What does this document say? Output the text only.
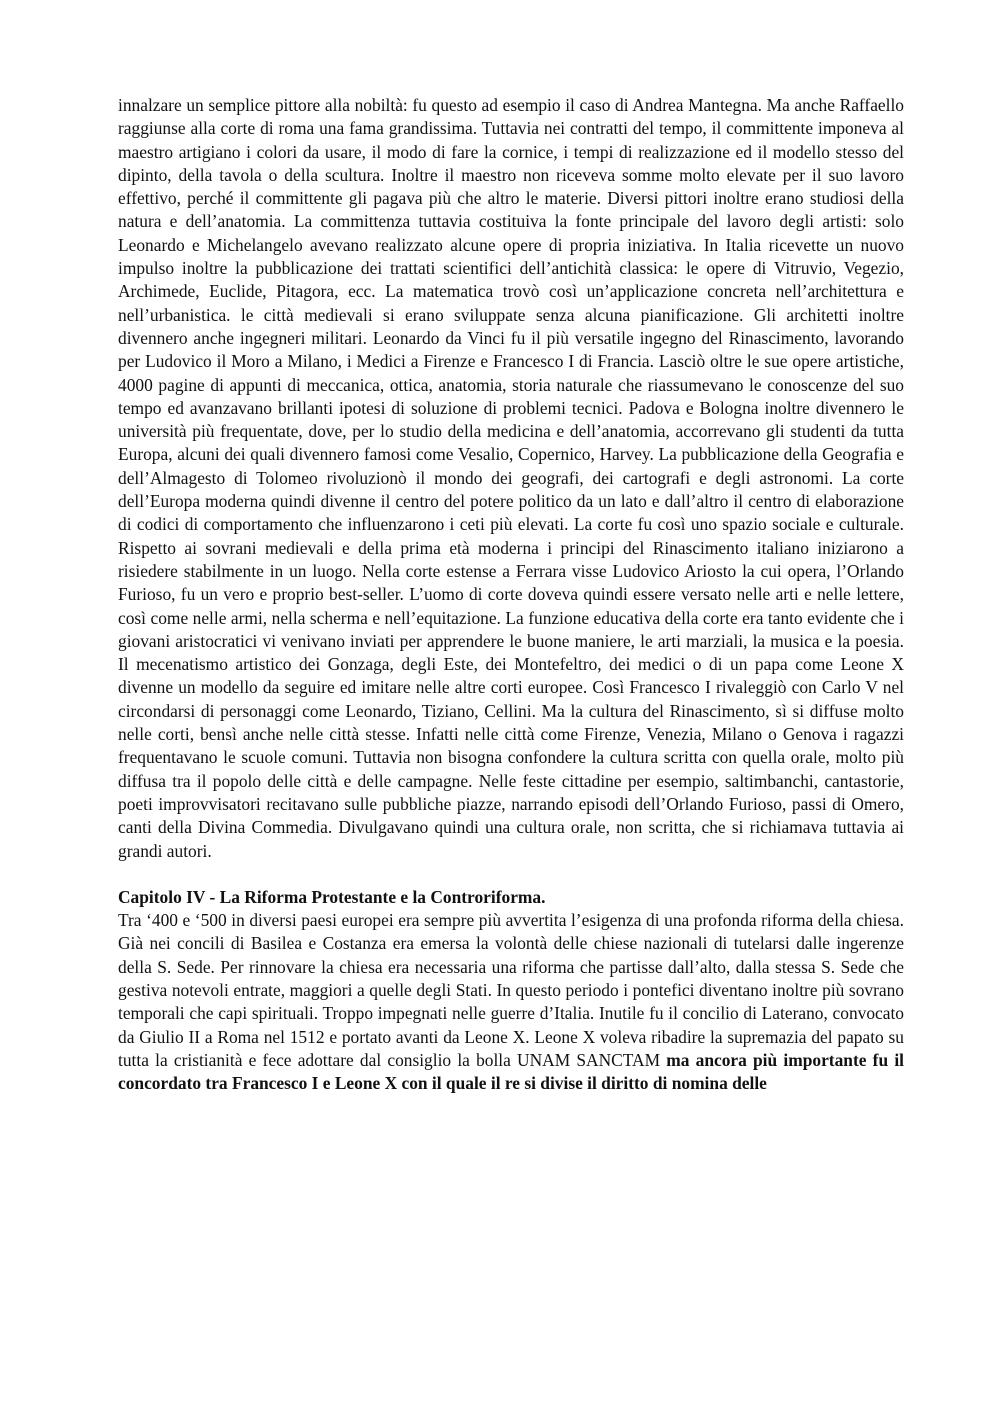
innalzare un semplice pittore alla nobiltà: fu questo ad esempio il caso di Andrea Mantegna. Ma anche Raffaello raggiunse alla corte di roma una fama grandissima. Tuttavia nei contratti del tempo, il committente imponeva al maestro artigiano i colori da usare, il modo di fare la cornice, i tempi di realizzazione ed il modello stesso del dipinto, della tavola o della scultura. Inoltre il maestro non riceveva somme molto elevate per il suo lavoro effettivo, perché il committente gli pagava più che altro le materie. Diversi pittori inoltre erano studiosi della natura e dell’anatomia. La committenza tuttavia costituiva la fonte principale del lavoro degli artisti: solo Leonardo e Michelangelo avevano realizzato alcune opere di propria iniziativa. In Italia ricevette un nuovo impulso inoltre la pubblicazione dei trattati scientifici dell’antichità classica: le opere di Vitruvio, Vegezio, Archimede, Euclide, Pitagora, ecc. La matematica trovò così un’applicazione concreta nell’architettura e nell’urbanistica. le città medievali si erano sviluppate senza alcuna pianificazione. Gli architetti inoltre divennero anche ingegneri militari. Leonardo da Vinci fu il più versatile ingegno del Rinascimento, lavorando per Ludovico il Moro a Milano, i Medici a Firenze e Francesco I di Francia. Lasciò oltre le sue opere artistiche, 4000 pagine di appunti di meccanica, ottica, anatomia, storia naturale che riassumevano le conoscenze del suo tempo ed avanzavano brillanti ipotesi di soluzione di problemi tecnici. Padova e Bologna inoltre divennero le università più frequentate, dove, per lo studio della medicina e dell’anatomia, accorrevano gli studenti da tutta Europa, alcuni dei quali divennero famosi come Vesalio, Copernico, Harvey. La pubblicazione della Geografia e dell’Almagesto di Tolomeo rivoluzionò il mondo dei geografi, dei cartografi e degli astronomi. La corte dell’Europa moderna quindi divenne il centro del potere politico da un lato e dall’altro il centro di elaborazione di codici di comportamento che influenzarono i ceti più elevati. La corte fu così uno spazio sociale e culturale. Rispetto ai sovrani medievali e della prima età moderna i principi del Rinascimento italiano iniziarono a risiedere stabilmente in un luogo. Nella corte estense a Ferrara visse Ludovico Ariosto la cui opera, l’Orlando Furioso, fu un vero e proprio best-seller. L’uomo di corte doveva quindi essere versato nelle arti e nelle lettere, così come nelle armi, nella scherma e nell’equitazione. La funzione educativa della corte era tanto evidente che i giovani aristocratici vi venivano inviati per apprendere le buone maniere, le arti marziali, la musica e la poesia. Il mecenatismo artistico dei Gonzaga, degli Este, dei Montefeltro, dei medici o di un papa come Leone X divenne un modello da seguire ed imitare nelle altre corti europee. Così Francesco I rivaleggiò con Carlo V nel circondarsi di personaggi come Leonardo, Tiziano, Cellini. Ma la cultura del Rinascimento, sì si diffuse molto nelle corti, bensì anche nelle città stesse. Infatti nelle città come Firenze, Venezia, Milano o Genova i ragazzi frequentavano le scuole comuni. Tuttavia non bisogna confondere la cultura scritta con quella orale, molto più diffusa tra il popolo delle città e delle campagne. Nelle feste cittadine per esempio, saltimbanchi, cantastorie, poeti improvvisatori recitavano sulle pubbliche piazze, narrando episodi dell’Orlando Furioso, passi di Omero, canti della Divina Commedia. Divulgavano quindi una cultura orale, non scritta, che si richiamava tuttavia ai grandi autori.

Capitolo IV - La Riforma Protestante e la Controriforma.

Tra ‘400 e ‘500 in diversi paesi europei era sempre più avvertita l’esigenza di una profonda riforma della chiesa. Già nei concili di Basilea e Costanza era emersa la volontà delle chiese nazionali di tutelarsi dalle ingerenze della S. Sede. Per rinnovare la chiesa era necessaria una riforma che partisse dall’alto, dalla stessa S. Sede che gestiva notevoli entrate, maggiori a quelle degli Stati. In questo periodo i pontefici diventano inoltre più sovrano temporali che capi spirituali. Troppo impegnati nelle guerre d’Italia. Inutile fu il concilio di Laterano, convocato da Giulio II a Roma nel 1512 e portato avanti da Leone X. Leone X voleva ribadire la supremazia del papato su tutta la cristianità e fece adottare dal consiglio la bolla UNAM SANCTAM ma ancora più importante fu il concordato tra Francesco I e Leone X con il quale il re si divise il diritto di nomina delle
